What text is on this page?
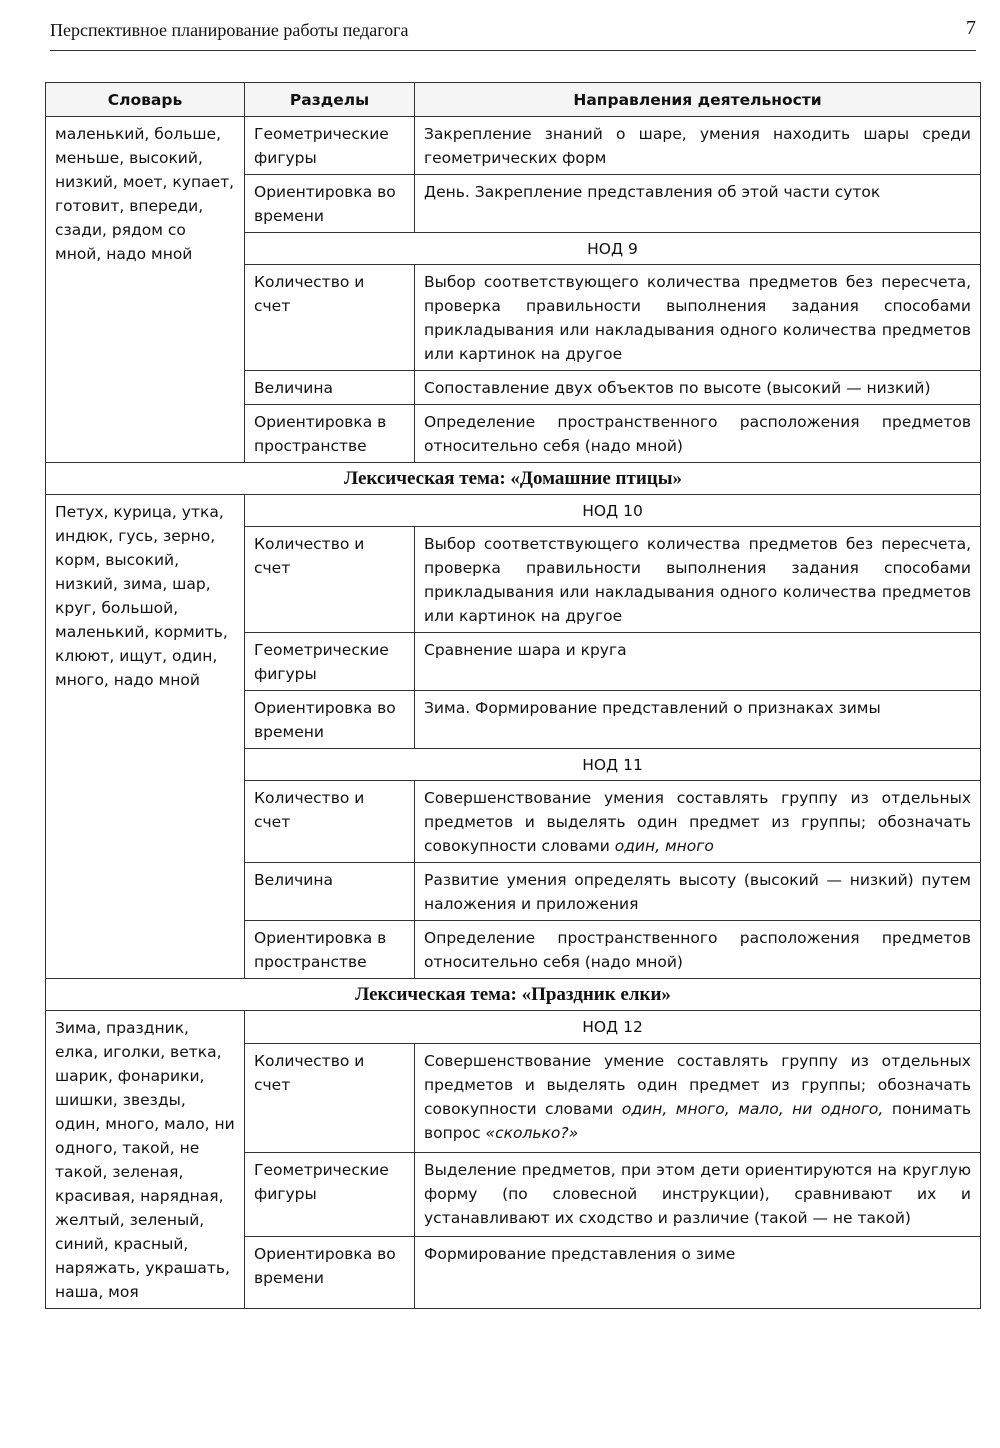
Перспективное планирование работы педагога	7
Словарь	Разделы	Направления деятельности
маленький, больше, меньше, высокий, низкий, моет, купает, готовит, впереди, сзади, рядом со мной, надо мной	Геометрические фигуры	Закрепление знаний о шаре, умения находить шары среди геометрических форм
	Ориентировка во времени	День. Закрепление представления об этой части суток
	НОД 9	
	Количество и счет	Выбор соответствующего количества предметов без пересчета, проверка правильности выполнения задания способами прикладывания или накладывания одного количества предметов или картинок на другое
	Величина	Сопоставление двух объектов по высоте (высокий — низкий)
	Ориентировка в пространстве	Определение пространственного расположения предметов относительно себя (надо мной)
Лексическая тема: «Домашние птицы»		
Петух, курица, утка, индюк, гусь, зерно, корм, высокий, низкий, зима, шар, круг, большой, маленький, кормить, клюют, ищут, один, много, надо мной	НОД 10	
	Количество и счет	Выбор соответствующего количества предметов без пересчета, проверка правильности выполнения задания способами прикладывания или накладывания одного количества предметов или картинок на другое
	Геометрические фигуры	Сравнение шара и круга
	Ориентировка во времени	Зима. Формирование представлений о признаках зимы
	НОД 11	
	Количество и счет	Совершенствование умения составлять группу из отдельных предметов и выделять один предмет из группы; обозначать совокупности словами один, много
	Величина	Развитие умения определять высоту (высокий — низкий) путем наложения и приложения
	Ориентировка в пространстве	Определение пространственного расположения предметов относительно себя (надо мной)
Лексическая тема: «Праздник елки»		
Зима, праздник, елка, иголки, ветка, шарик, фонарики, шишки, звезды, один, много, мало, ни одного, такой, не такой, зеленая, красивая, нарядная, желтый, зеленый, синий, красный, наряжать, украшать, наша, моя	НОД 12	
	Количество и счет	Совершенствование умение составлять группу из отдельных предметов и выделять один предмет из группы; обозначать совокупности словами один, много, мало, ни одного, понимать вопрос «сколько?»
	Геометрические фигуры	Выделение предметов, при этом дети ориентируются на круглую форму (по словесной инструкции), сравнивают их и устанавливают их сходство и различие (такой — не такой)
	Ориентировка во времени	Формирование представления о зиме
